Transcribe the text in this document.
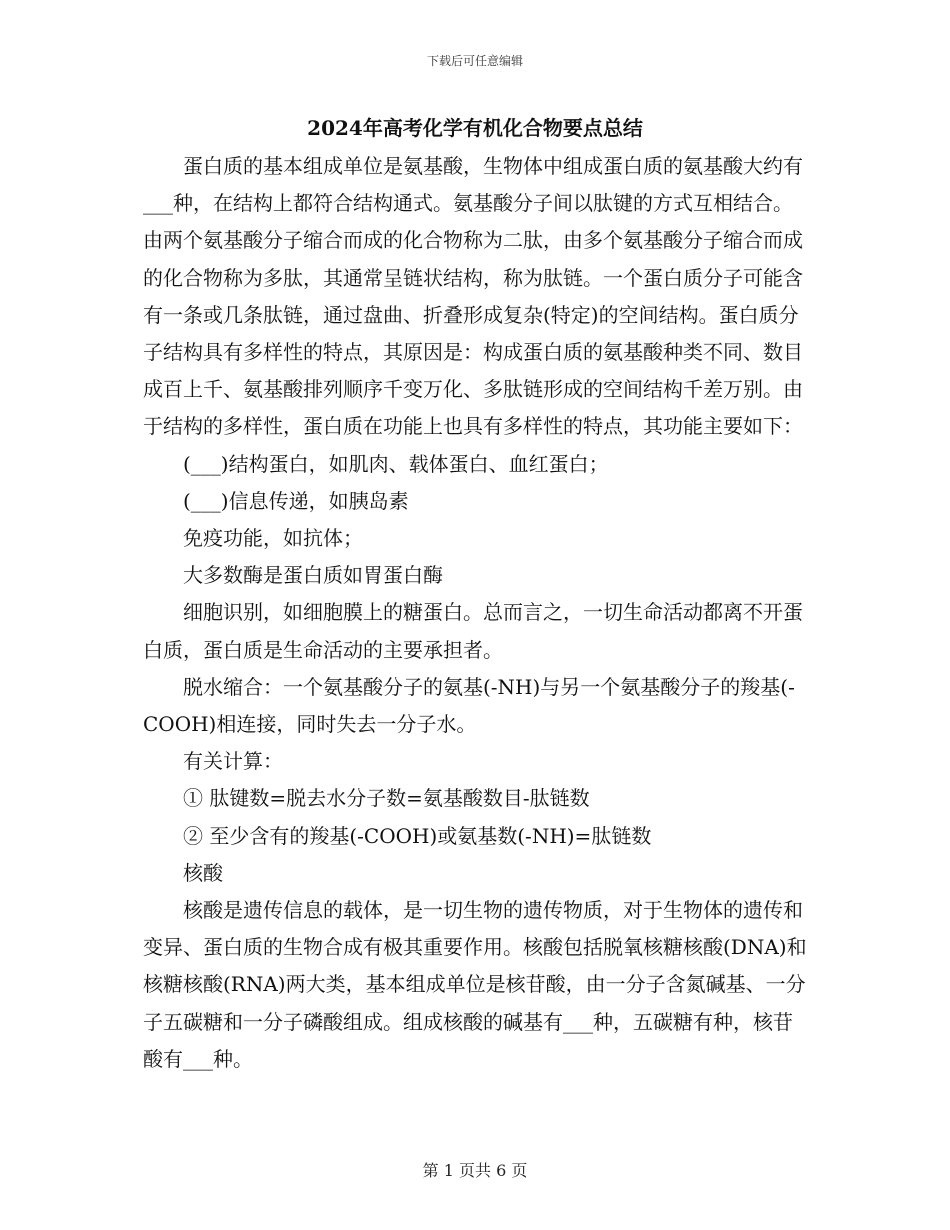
下载后可任意编辑
2024年高考化学有机化合物要点总结

蛋白质的基本组成单位是氨基酸，生物体中组成蛋白质的氨基酸大约有___种，在结构上都符合结构通式。氨基酸分子间以肽键的方式互相结合。由两个氨基酸分子缩合而成的化合物称为二肽，由多个氨基酸分子缩合而成的化合物称为多肽，其通常呈链状结构，称为肽链。一个蛋白质分子可能含有一条或几条肽链，通过盘曲、折叠形成复杂(特定)的空间结构。蛋白质分子结构具有多样性的特点，其原因是：构成蛋白质的氨基酸种类不同、数目成百上千、氨基酸排列顺序千变万化、多肽链形成的空间结构千差万别。由于结构的多样性，蛋白质在功能上也具有多样性的特点，其功能主要如下：

(___)结构蛋白，如肌肉、载体蛋白、血红蛋白；

(___)信息传递，如胰岛素

免疫功能，如抗体；

大多数酶是蛋白质如胃蛋白酶

细胞识别，如细胞膜上的糖蛋白。总而言之，一切生命活动都离不开蛋白质，蛋白质是生命活动的主要承担者。

脱水缩合：一个氨基酸分子的氨基(-NH)与另一个氨基酸分子的羧基(-COOH)相连接，同时失去一分子水。

有关计算：

① 肽键数=脱去水分子数=氨基酸数目-肽链数

② 至少含有的羧基(-COOH)或氨基数(-NH)=肽链数

核酸

核酸是遗传信息的载体，是一切生物的遗传物质，对于生物体的遗传和变异、蛋白质的生物合成有极其重要作用。核酸包括脱氧核糖核酸(DNA)和核糖核酸(RNA)两大类，基本组成单位是核苷酸，由一分子含氮碱基、一分子五碳糖和一分子磷酸组成。组成核酸的碱基有___种，五碳糖有种，核苷酸有___种。

第 1 页共 6 页
